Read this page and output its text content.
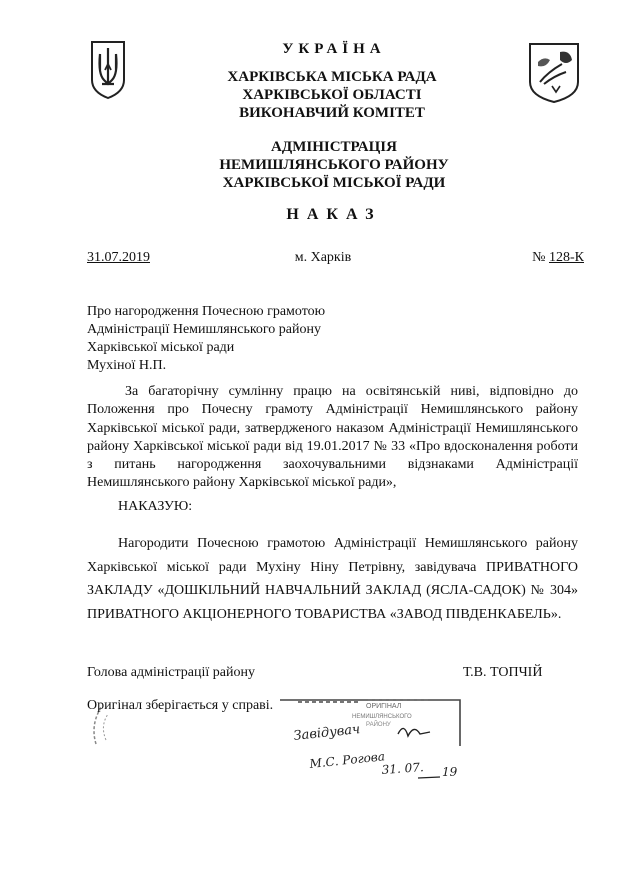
УКРАЇНА
ХАРКІВСЬКА МІСЬКА РАДА
ХАРКІВСЬКОЇ ОБЛАСТІ
ВИКОНАВЧИЙ КОМІТЕТ
АДМІНІСТРАЦІЯ
НЕМИШЛЯНСЬКОГО РАЙОНУ
ХАРКІВСЬКОЇ МІСЬКОЇ РАДИ
НАКАЗ
31.07.2019	м. Харків	№ 128-К
Про нагородження Почесною грамотою
Адміністрації Немишлянського району
Харківської міської ради
Мухіної Н.П.
За багаторічну сумлінну працю на освітянській ниві, відповідно до Положення про Почесну грамоту Адміністрації Немишлянського району Харківської міської ради, затвердженого наказом Адміністрації Немишлянського району Харківської міської ради від 19.01.2017 № 33 «Про вдосконалення роботи з питань нагородження заохочувальними відзнаками Адміністрації Немишлянського району Харківської міської ради»,
НАКАЗУЮ:
Нагородити Почесною грамотою Адміністрації Немишлянського району Харківської міської ради Мухіну Ніну Петрівну, завідувача ПРИВАТНОГО ЗАКЛАДУ «ДОШКІЛЬНИЙ НАВЧАЛЬНИЙ ЗАКЛАД (ЯСЛА-САДОК) № 304» ПРИВАТНОГО АКЦІОНЕРНОГО ТОВАРИСТВА «ЗАВОД ПІВДЕНКАБЕЛЬ».
Голова адміністрації району	Т.В. ТОПЧІЙ
Оригінал зберігається у справі.	ОРИГІНАЛ
НЕМИШЛЯНСЬКОГО
РАЙОНУ
Завідувач
М.С. Рогова
31. 07. 19
